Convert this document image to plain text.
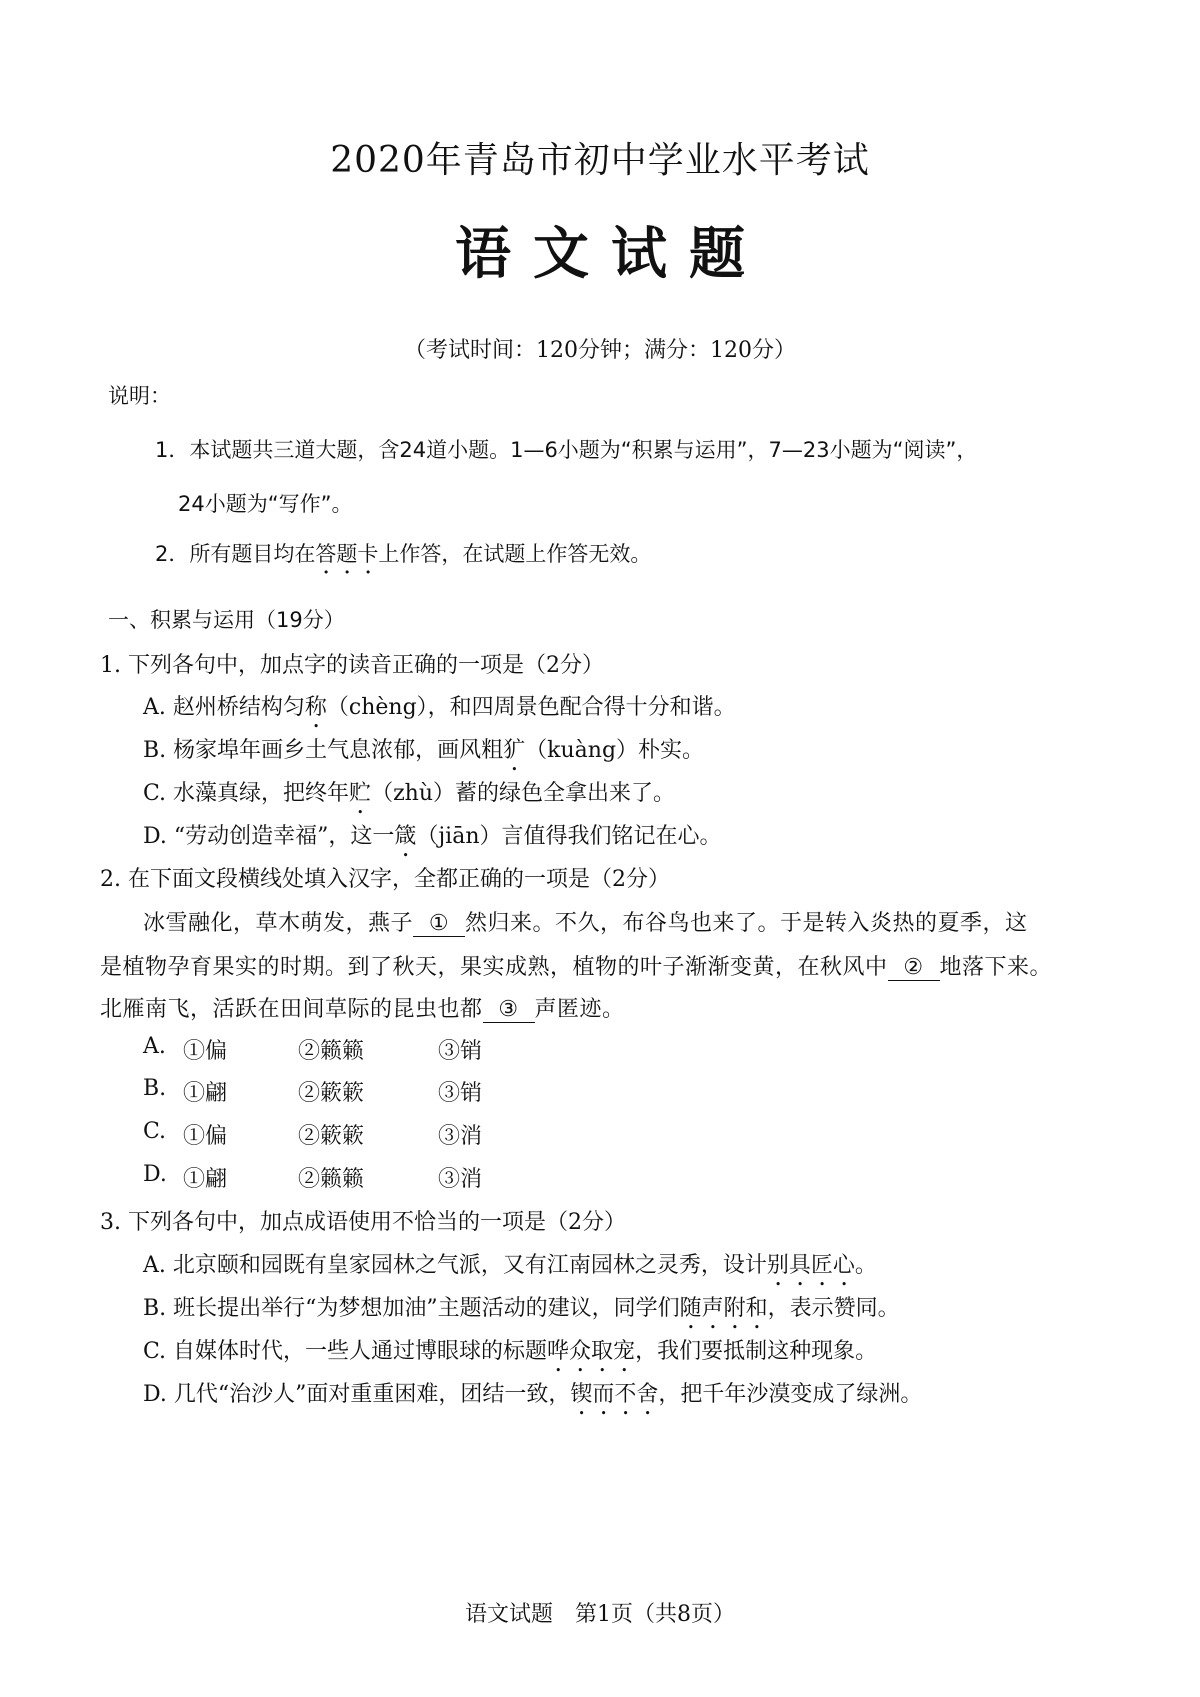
2020年青岛市初中学业水平考试
语文试题
（考试时间：120分钟；满分：120分）
说明：
1．本试题共三道大题，含24道小题。1—6小题为“积累与运用”，7—23小题为“阅读”，
24小题为“写作”。
2．所有题目均在答题卡上作答，在试题上作答无效。
一、积累与运用（19分）
1. 下列各句中，加点字的读音正确的一项是（2分）
A. 赵州桥结构匀称（chèng），和四周景色配合得十分和谐。
B. 杨家埠年画乡土气息浓郁，画风粗犷（kuàng）朴实。
C. 水藻真绿，把终年贮（zhù）蓄的绿色全拿出来了。
D. “劳动创造幸福”，这一箴（jiān）言值得我们铭记在心。
2. 在下面文段横线处填入汉字，全都正确的一项是（2分）
冰雪融化，草木萌发，燕子 ① 然归来。不久，布谷鸟也来了。于是转入炎热的夏季，这
是植物孕育果实的时期。到了秋天，果实成熟，植物的叶子渐渐变黄，在秋风中 ② 地落下来。
北雁南飞，活跃在田间草际的昆虫也都 ③ 声匿迹。
A. ①偏	②籁籁	③销
B. ①翩	②簌簌	③销
C. ①偏	②簌簌	③消
D. ①翩	②籁籁	③消
3. 下列各句中，加点成语使用不恰当的一项是（2分）
A. 北京颐和园既有皇家园林之气派，又有江南园林之灵秀，设计别具匠心。
B. 班长提出举行“为梦想加油”主题活动的建议，同学们随声附和，表示赞同。
C. 自媒体时代，一些人通过博眼球的标题哗众取宠，我们要抵制这种现象。
D. 几代“治沙人”面对重重困难，团结一致，锲而不舍，把千年沙漠变成了绿洲。
语文试题　第1页（共8页）
